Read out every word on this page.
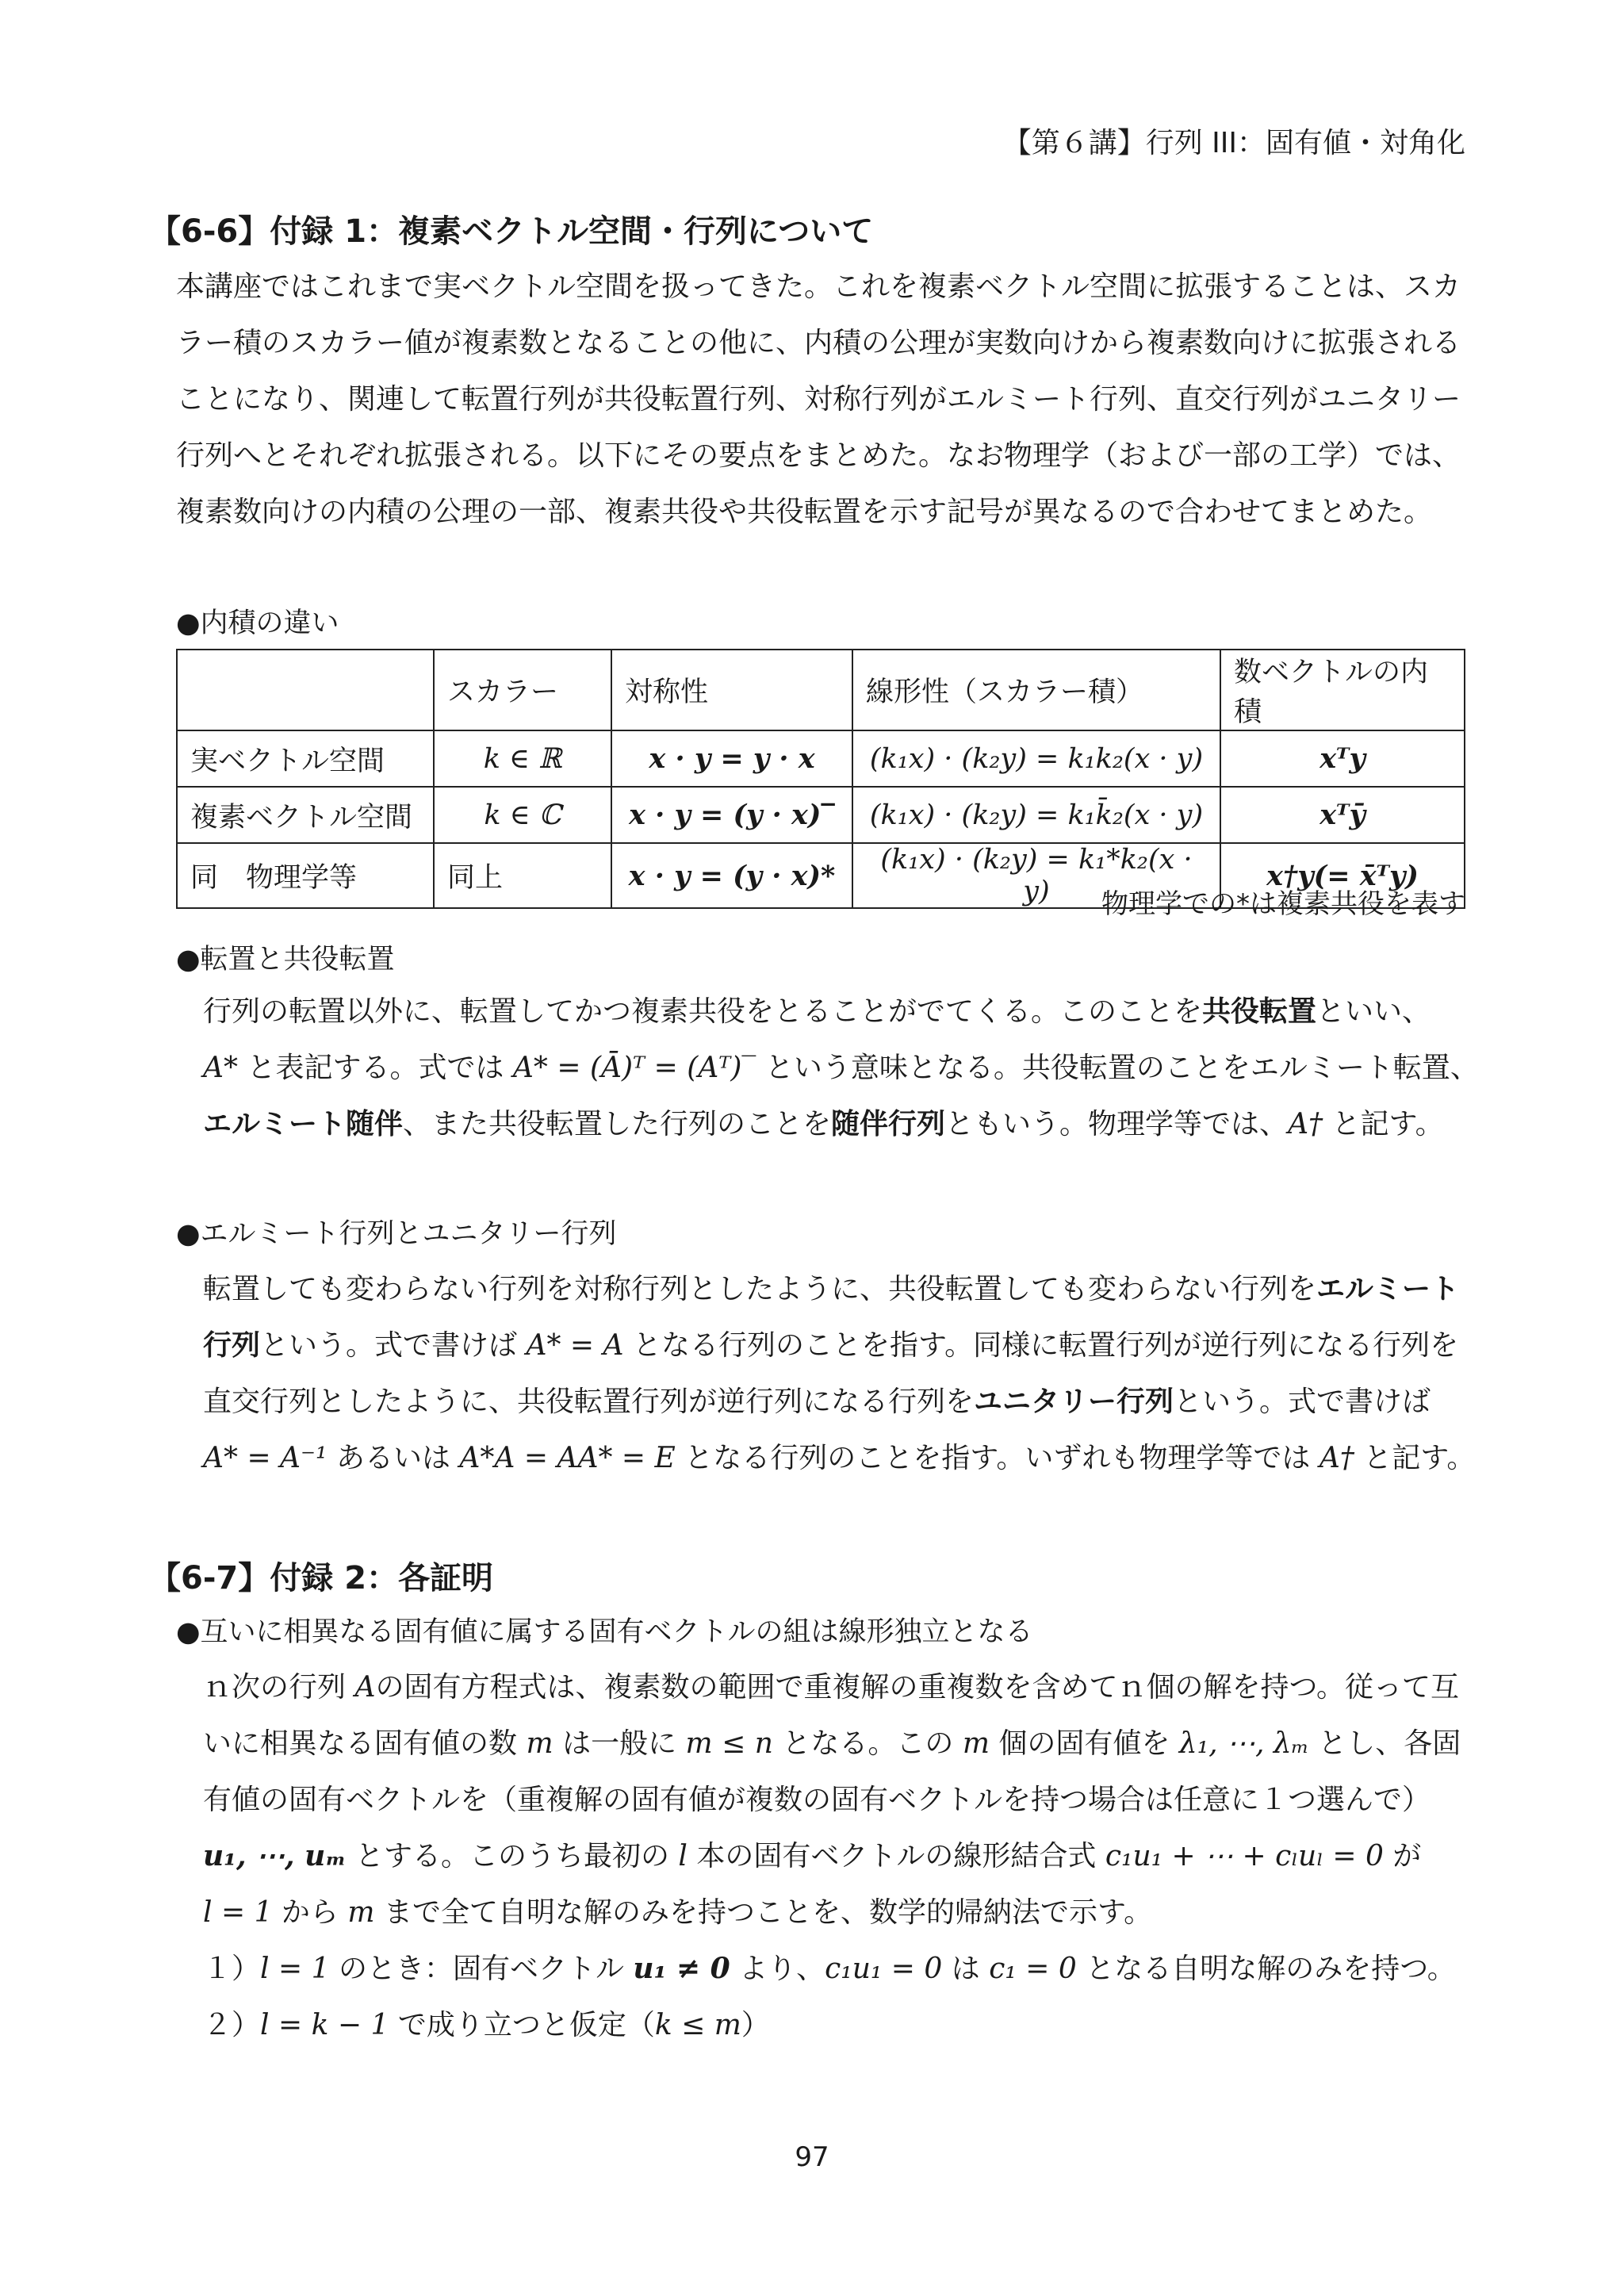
【第６講】行列 III：固有値・対角化
【6-6】付録 1：複素ベクトル空間・行列について
本講座ではこれまで実ベクトル空間を扱ってきた。これを複素ベクトル空間に拡張することは、スカ
ラー積のスカラー値が複素数となることの他に、内積の公理が実数向けから複素数向けに拡張される
ことになり、関連して転置行列が共役転置行列、対称行列がエルミート行列、直交行列がユニタリー
行列へとそれぞれ拡張される。以下にその要点をまとめた。なお物理学（および一部の工学）では、
複素数向けの内積の公理の一部、複素共役や共役転置を示す記号が異なるので合わせてまとめた。
●内積の違い
	スカラー	対称性	線形性（スカラー積）	数ベクトルの内積
実ベクトル空間	k ∈ ℝ	x · y = y · x	(k₁x) · (k₂y) = k₁k₂(x · y)	xᵀy
複素ベクトル空間	k ∈ ℂ	x · y = (y · x)‾	(k₁x) · (k₂y) = k₁k̄₂(x · y)	xᵀȳ
同　物理学等	同上	x · y = (y · x)*	(k₁x) · (k₂y) = k₁*k₂(x · y)	x†y(= x̄ᵀy)
物理学での*は複素共役を表す
●転置と共役転置
行列の転置以外に、転置してかつ複素共役をとることがでてくる。このことを共役転置といい、
A* と表記する。式では A* = (Ā)ᵀ = (Aᵀ)‾ という意味となる。共役転置のことをエルミート転置、
エルミート随伴、また共役転置した行列のことを随伴行列ともいう。物理学等では、A† と記す。
●エルミート行列とユニタリー行列
転置しても変わらない行列を対称行列としたように、共役転置しても変わらない行列をエルミート
行列という。式で書けば A* = A となる行列のことを指す。同様に転置行列が逆行列になる行列を
直交行列としたように、共役転置行列が逆行列になる行列をユニタリー行列という。式で書けば
A* = A⁻¹ あるいは A*A = AA* = E となる行列のことを指す。いずれも物理学等では A† と記す。
【6-7】付録 2：各証明
●互いに相異なる固有値に属する固有ベクトルの組は線形独立となる
ｎ次の行列 Aの固有方程式は、複素数の範囲で重複解の重複数を含めてｎ個の解を持つ。従って互
いに相異なる固有値の数 m は一般に m ≤ n となる。この m 個の固有値を λ₁, ⋯, λₘ とし、各固
有値の固有ベクトルを（重複解の固有値が複数の固有ベクトルを持つ場合は任意に１つ選んで）
u₁, ⋯, uₘ とする。このうち最初の l 本の固有ベクトルの線形結合式 c₁u₁ + ⋯ + cₗuₗ = 0 が
l = 1 から m まで全て自明な解のみを持つことを、数学的帰納法で示す。
１）l = 1 のとき：固有ベクトル u₁ ≠ 0 より、c₁u₁ = 0 は c₁ = 0 となる自明な解のみを持つ。
２）l = k − 1 で成り立つと仮定（k ≤ m）
97
